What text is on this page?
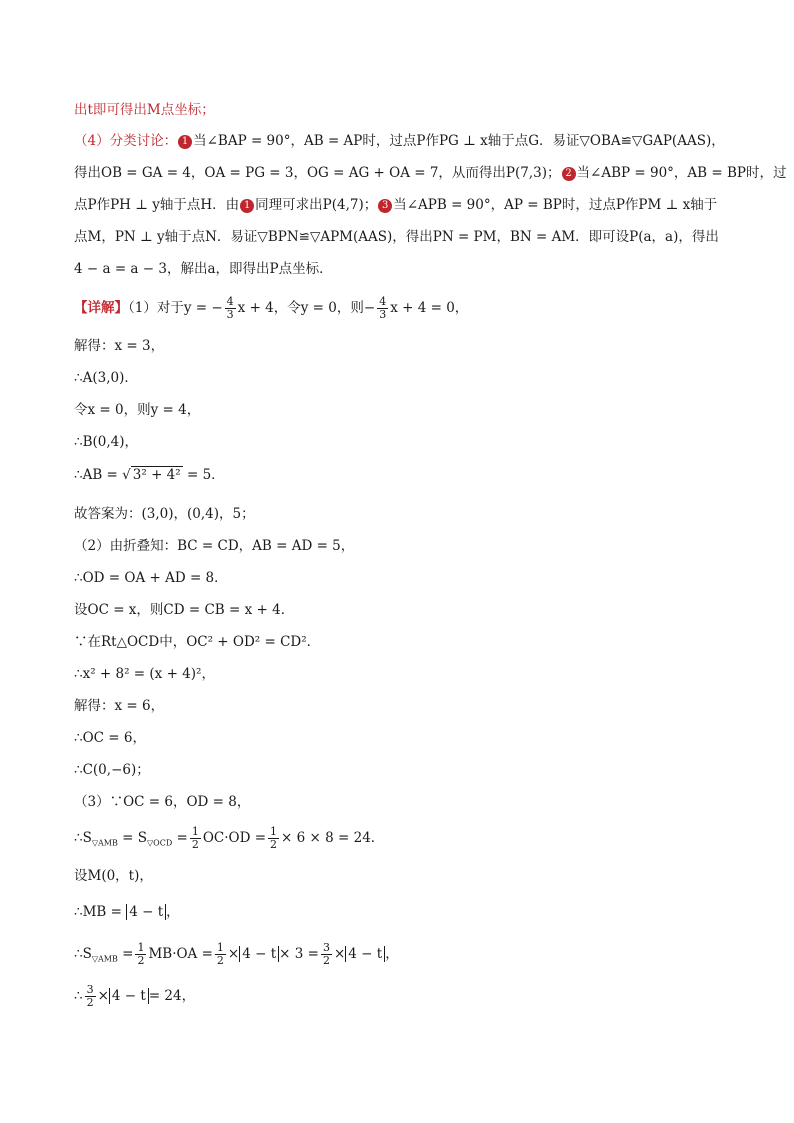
出t即可得出M点坐标；
（4）分类讨论： 1 当∠BAP = 90°，AB = AP时，过点P作PG ⊥ x轴于点G．易证▽OBA≌▽GAP(AAS)，
得出OB = GA = 4，OA = PG = 3，OG = AG + OA = 7，从而得出P(7,3)； 2 当∠ABP = 90°，AB = BP时，过
点P作PH ⊥ y轴于点H．由 1 同理可求出P(4,7)； 3 当∠APB = 90°，AP = BP时，过点P作PM ⊥ x轴于
点M，PN ⊥ y轴于点N．易证▽BPN≌▽APM(AAS)，得出PN = PM，BN = AM．即可设P(a，a)，得出
4 − a = a − 3，解出a，即得出P点坐标．
【详解】（1）对于y = − $\frac{4}{3}$ x + 4，令y = 0，则− $\frac{4}{3}$ x + 4 = 0，
解得：x = 3，
∴A(3,0)．
令x = 0，则y = 4，
∴B(0,4)，
∴AB = √ 3² + 4² = 5．
故答案为：(3,0)，(0,4)，5；
（2）由折叠知：BC = CD，AB = AD = 5，
∴OD = OA + AD = 8．
设OC = x，则CD = CB = x + 4．
∵在Rt△OCD中，OC² + OD² = CD²．
∴x² + 8² = (x + 4)²，
解得：x = 6，
∴OC = 6，
∴C(0,−6)；
（3）∵OC = 6，OD = 8，
$\therefore S_{▽AMB} = S_{▽OCD} = \frac{1}{2} OC\cdot OD = \frac{1}{2} \times 6 \times 8 = 24$．
设M(0，t)，
∴MB = 4 − t ，
$\therefore S_{▽AMB} = \frac{1}{2} MB\cdot OA = \frac{1}{2} \times 4 - t \times 3 = \frac{3}{2} \times 4 - t$ ，
∴ $\frac{3}{2} \times 4 - t = 24$，
